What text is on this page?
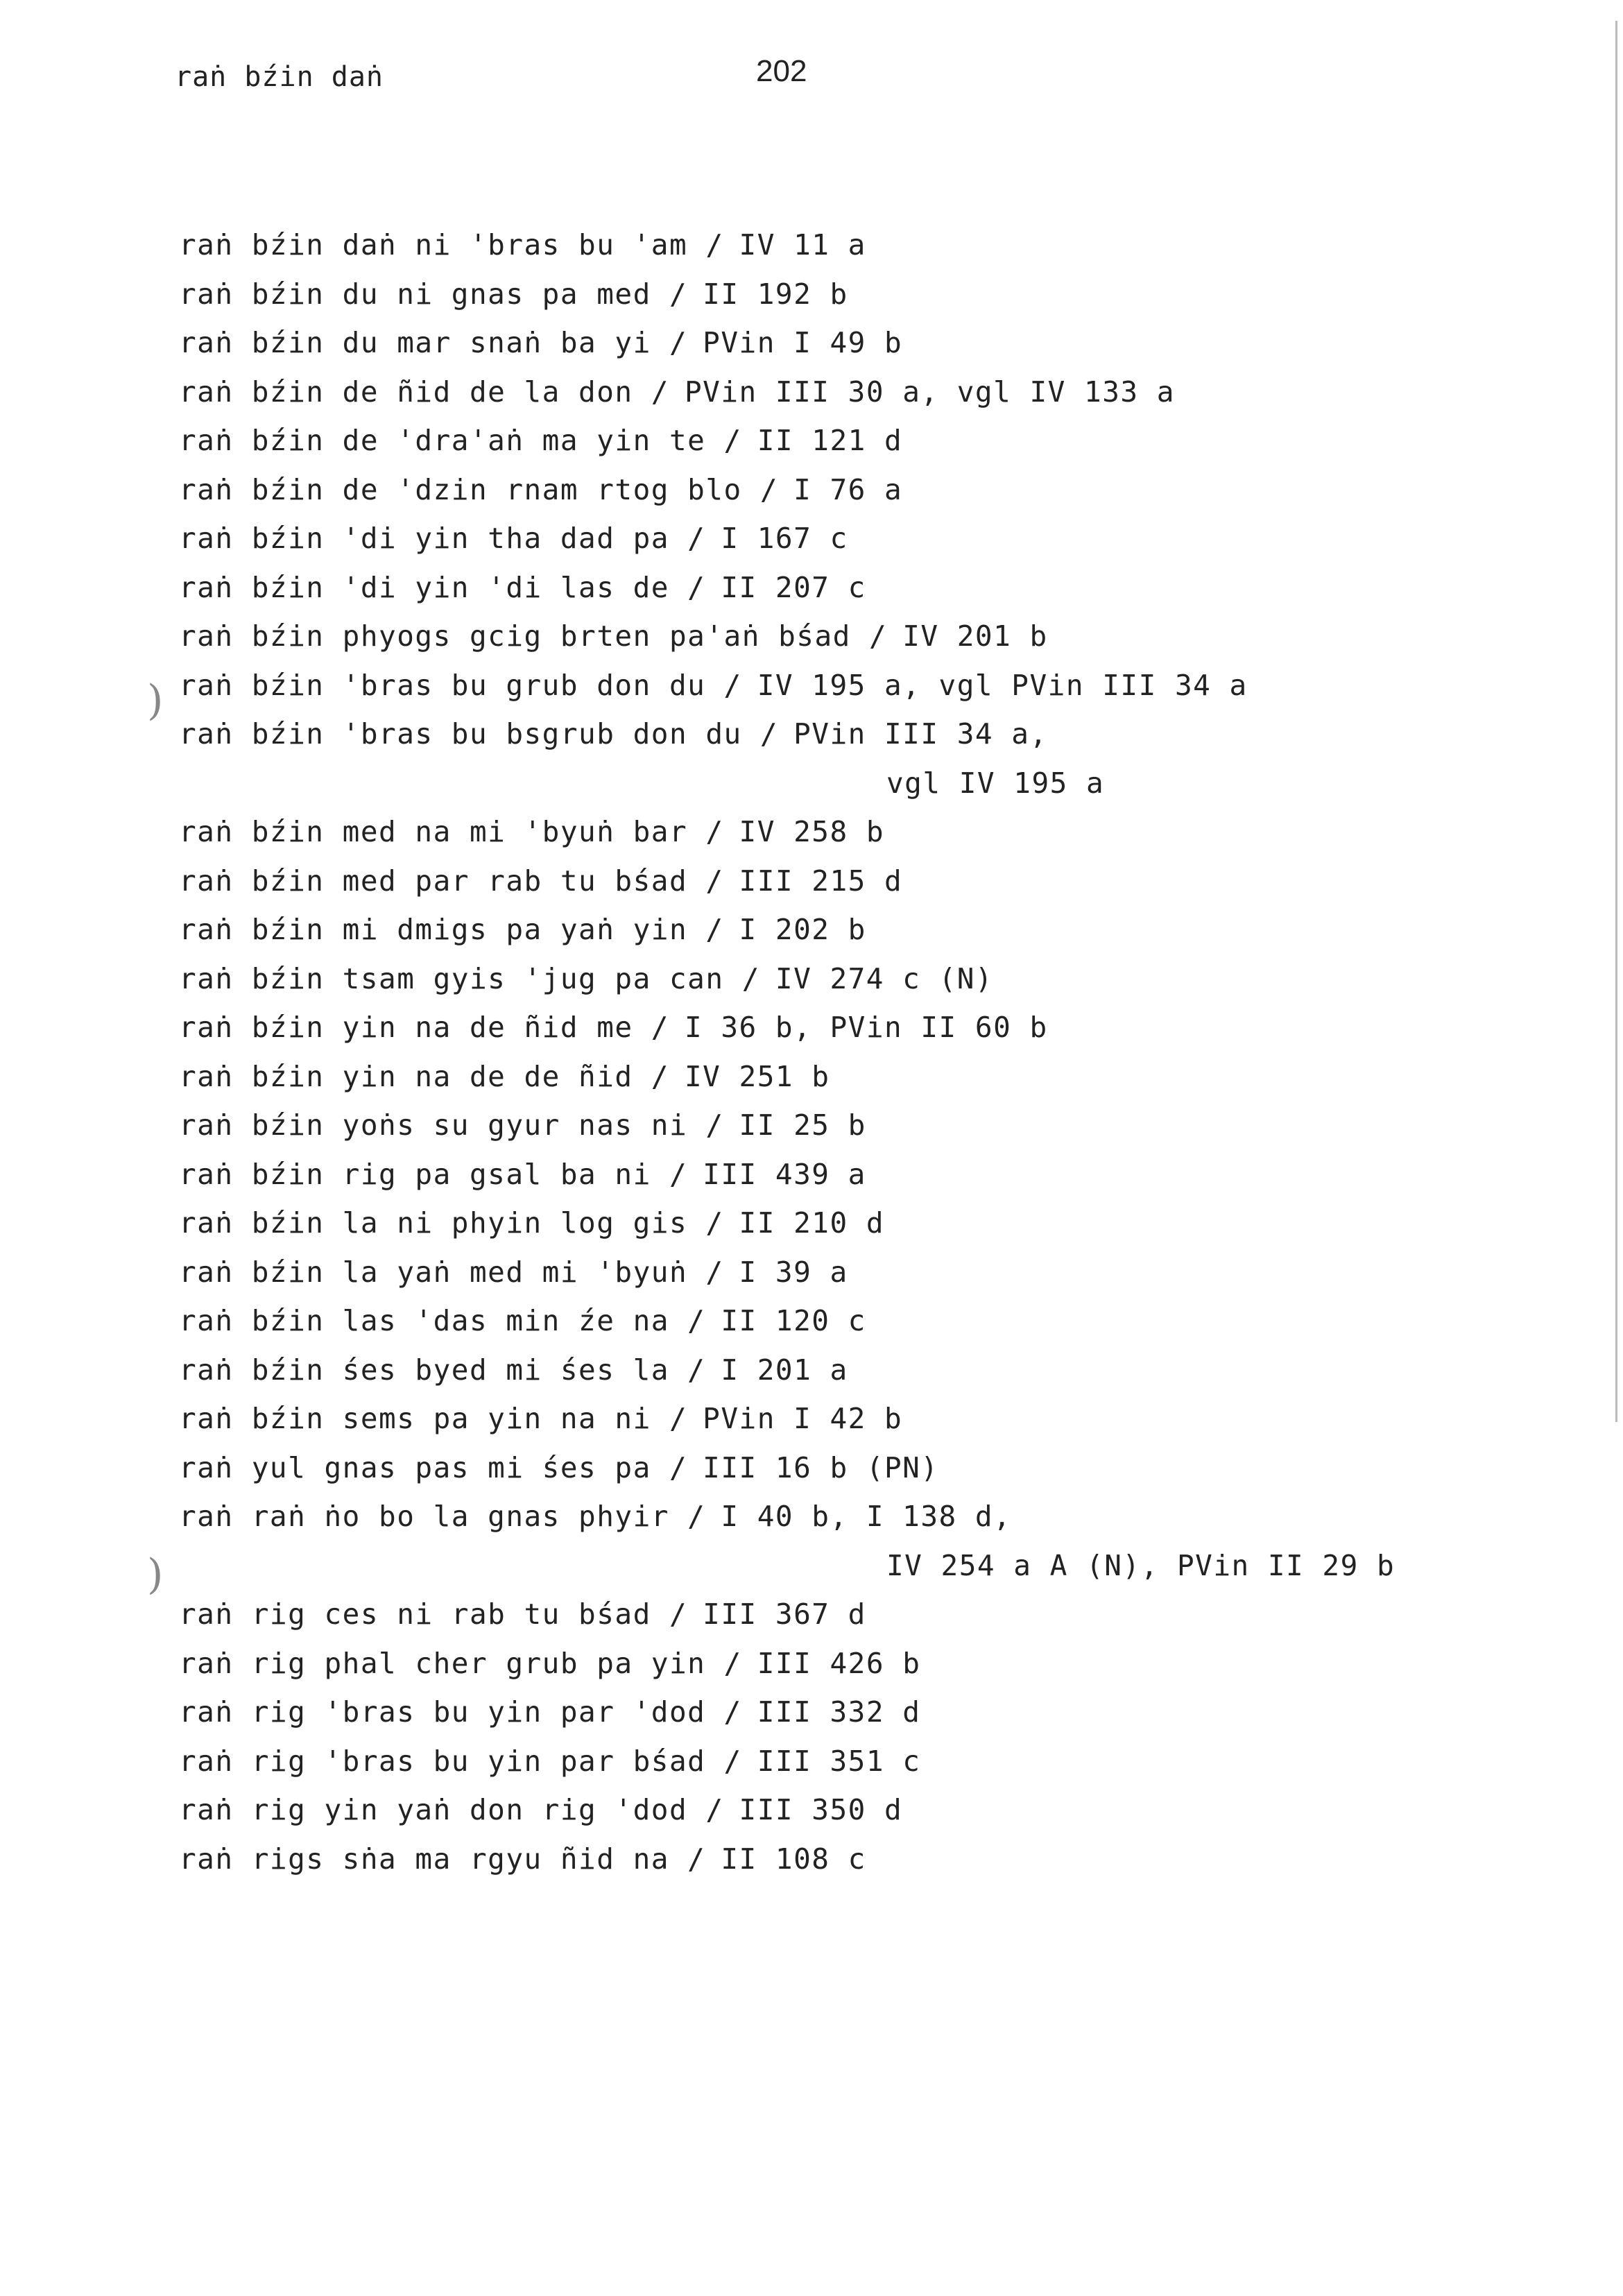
raṅ bźin daṅ	202
raṅ bźin daṅ ni 'bras bu 'am / IV 11 a
raṅ bźin du ni gnas pa med / II 192 b
raṅ bźin du mar snaṅ ba yi / PVin I 49 b
raṅ bźin de ñid de la don / PVin III 30 a, vgl IV 133 a
raṅ bźin de 'dra'aṅ ma yin te / II 121 d
raṅ bźin de 'dzin rnam rtog blo / I 76 a
raṅ bźin 'di yin tha dad pa / I 167 c
raṅ bźin 'di yin 'di las de / II 207 c
raṅ bźin phyogs gcig brten pa'aṅ bśad / IV 201 b
raṅ bźin 'bras bu grub don du / IV 195 a, vgl PVin III 34 a
raṅ bźin 'bras bu bsgrub don du / PVin III 34 a,
vgl IV 195 a
raṅ bźin med na mi 'byuṅ bar / IV 258 b
raṅ bźin med par rab tu bśad / III 215 d
raṅ bźin mi dmigs pa yaṅ yin / I 202 b
raṅ bźin tsam gyis 'jug pa can / IV 274 c (N)
raṅ bźin yin na de ñid me / I 36 b, PVin II 60 b
raṅ bźin yin na de de ñid / IV 251 b
raṅ bźin yoṅs su gyur nas ni / II 25 b
raṅ bźin rig pa gsal ba ni / III 439 a
raṅ bźin la ni phyin log gis / II 210 d
raṅ bźin la yaṅ med mi 'byuṅ / I 39 a
raṅ bźin las 'das min źe na / II 120 c
raṅ bźin śes byed mi śes la / I 201 a
raṅ bźin sems pa yin na ni / PVin I 42 b
raṅ yul gnas pas mi śes pa / III 16 b (PN)
raṅ raṅ ṅo bo la gnas phyir / I 40 b, I 138 d,
IV 254 a A (N), PVin II 29 b
raṅ rig ces ni rab tu bśad / III 367 d
raṅ rig phal cher grub pa yin / III 426 b
raṅ rig 'bras bu yin par 'dod / III 332 d
raṅ rig 'bras bu yin par bśad / III 351 c
raṅ rig yin yaṅ don rig 'dod / III 350 d
raṅ rigs sṅa ma rgyu ñid na / II 108 c
)
)
